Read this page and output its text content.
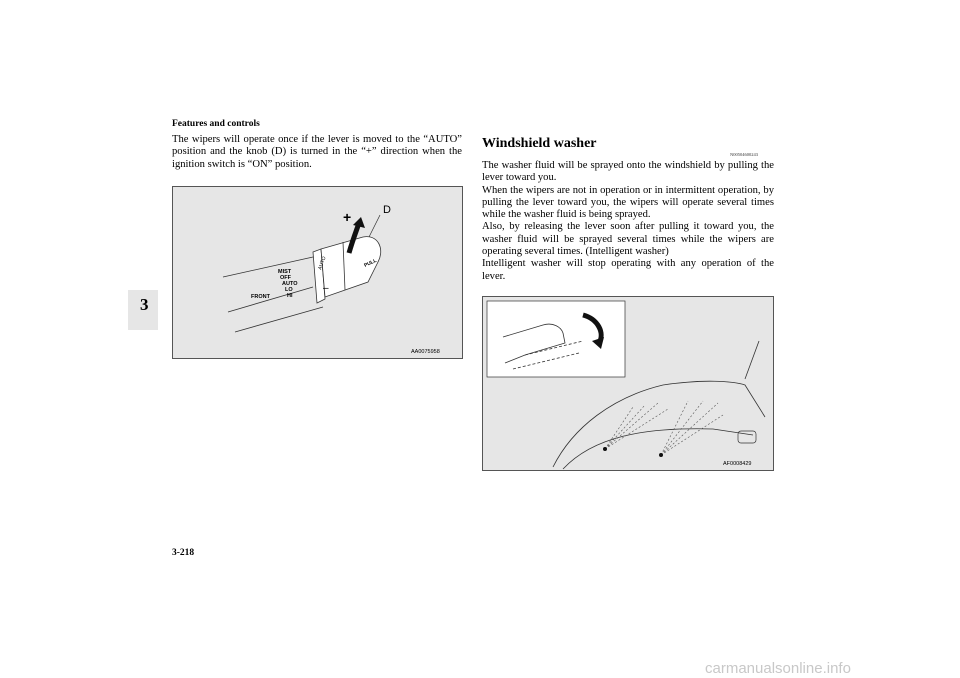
Features and controls
3
The wipers will operate once if the lever is moved to the “AUTO” position and the knob (D) is turned in the “+” direction when the ignition switch is “ON” position.
+
–
D
AUTO	PULL
MIST
OFF
AUTO
LO
HI
FRONT
AA0075958
Windshield washer
N00504600243
The washer fluid will be sprayed onto the windshield by pulling the lever toward you.
When the wipers are not in operation or in intermittent operation, by pulling the lever toward you, the wipers will operate several times while the washer fluid is being sprayed.
Also, by releasing the lever soon after pulling it toward you, the washer fluid will be sprayed several times while the wipers are operating several times. (Intelligent washer)
Intelligent washer will stop operating with any operation of the lever.
AF0008429
3-218
carmanualsonline.info
